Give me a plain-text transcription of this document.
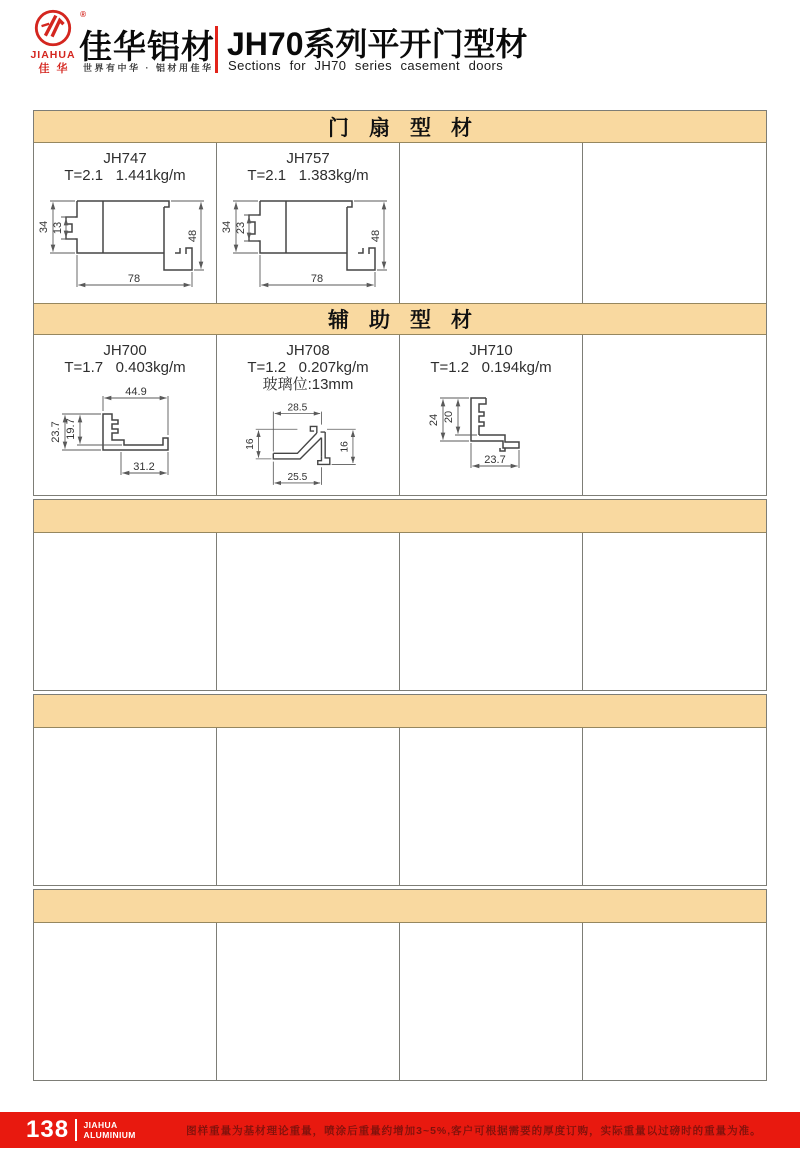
®
JIAHUA
佳华
佳华铝材
世界有中华 · 铝材用佳华
JH70系列平开门型材
Sections for JH70 series casement doors
门扇型材
JH747
T=2.1   1.441kg/m
34 13
48
78
JH757
T=2.1   1.383kg/m
34 23
48
78
辅助型材
JH700
T=1.7   0.403kg/m
44.9
23.7 19.7
31.2
JH708
T=1.2   0.207kg/m
玻璃位:13mm
28.5
16	16
25.5
JH710
T=1.2   0.194kg/m
24 20
23.7
138 JIAHUA
ALUMINIUM	图样重量为基材理论重量，喷涂后重量约增加3~5%,客户可根据需要的厚度订购，实际重量以过磅时的重量为准。
